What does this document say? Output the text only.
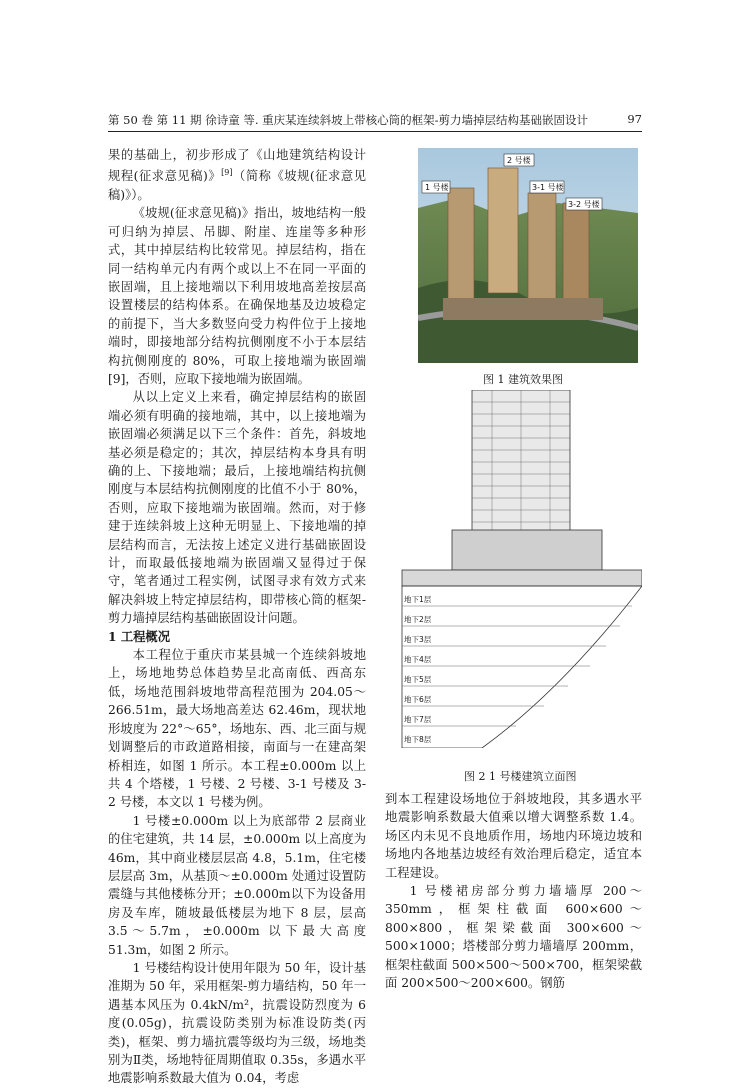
第 50 卷 第 11 期 徐诗童 等. 重庆某连续斜坡上带核心筒的框架-剪力墙掉层结构基础嵌固设计	97

果的基础上，初步形成了《山地建筑结构设计规程(征求意见稿)》[9]（简称《坡规(征求意见稿)》）。

《坡规(征求意见稿)》指出，坡地结构一般可归纳为掉层、吊脚、附崖、连崖等多种形式，其中掉层结构比较常见。掉层结构，指在同一结构单元内有两个或以上不在同一平面的嵌固端，且上接地端以下利用坡地高差按层高设置楼层的结构体系。在确保地基及边坡稳定的前提下，当大多数竖向受力构件位于上接地端时，即接地部分结构抗侧刚度不小于本层结构抗侧刚度的 80%，可取上接地端为嵌固端[9]，否则，应取下接地端为嵌固端。

从以上定义上来看，确定掉层结构的嵌固端必须有明确的接地端，其中，以上接地端为嵌固端必须满足以下三个条件：首先，斜坡地基必须是稳定的；其次，掉层结构本身具有明确的上、下接地端；最后，上接地端结构抗侧刚度与本层结构抗侧刚度的比值不小于 80%，否则，应取下接地端为嵌固端。然而，对于修建于连续斜坡上这种无明显上、下接地端的掉层结构而言，无法按上述定义进行基础嵌固设计，而取最低接地端为嵌固端又显得过于保守，笔者通过工程实例，试图寻求有效方式来解决斜坡上特定掉层结构，即带核心筒的框架-剪力墙掉层结构基础嵌固设计问题。

1 工程概况

本工程位于重庆市某县城一个连续斜坡地上，场地地势总体趋势呈北高南低、西高东低，场地范围斜坡地带高程范围为 204.05～266.51m，最大场地高差达 62.46m，现状地形坡度为 22°～65°，场地东、西、北三面与规划调整后的市政道路相接，南面与一在建高架桥相连，如图 1 所示。本工程±0.000m 以上共 4 个塔楼，1 号楼、2 号楼、3-1 号楼及 3-2 号楼，本文以 1 号楼为例。

1 号楼±0.000m 以上为底部带 2 层商业的住宅建筑，共 14 层，±0.000m 以上高度为 46m，其中商业楼层层高 4.8，5.1m，住宅楼层层高 3m，从基顶～±0.000m 处通过设置防震缝与其他楼栋分开；±0.000m以下为设备用房及车库，随坡最低楼层为地下 8 层，层高 3.5～5.7m，±0.000m 以下最大高度 51.3m，如图 2 所示。

1 号楼结构设计使用年限为 50 年，设计基准期为 50 年，采用框架-剪力墙结构，50 年一遇基本风压为 0.4kN/m²，抗震设防烈度为 6 度(0.05g)，抗震设防类别为标准设防类(丙类)，框架、剪力墙抗震等级均为三级，场地类别为Ⅱ类，场地特征周期值取 0.35s，多遇水平地震影响系数最大值为 0.04，考虑

2 号楼
1 号楼	3-1 号楼
3-2 号楼
图 1 建筑效果图
地下1层
地下2层
地下3层
地下4层
地下5层
地下6层
地下7层
地下8层
图 2 1 号楼建筑立面图

到本工程建设场地位于斜坡地段，其多遇水平地震影响系数最大值乘以增大调整系数 1.4。场区内未见不良地质作用，场地内环境边坡和场地内各地基边坡经有效治理后稳定，适宜本工程建设。

1 号楼裙房部分剪力墙墙厚 200～350mm，框架柱截面 600×600～800×800，框架梁截面 300×600～500×1000；塔楼部分剪力墙墙厚 200mm，框架柱截面 500×500～500×700，框架梁截面 200×500～200×600。钢筋
